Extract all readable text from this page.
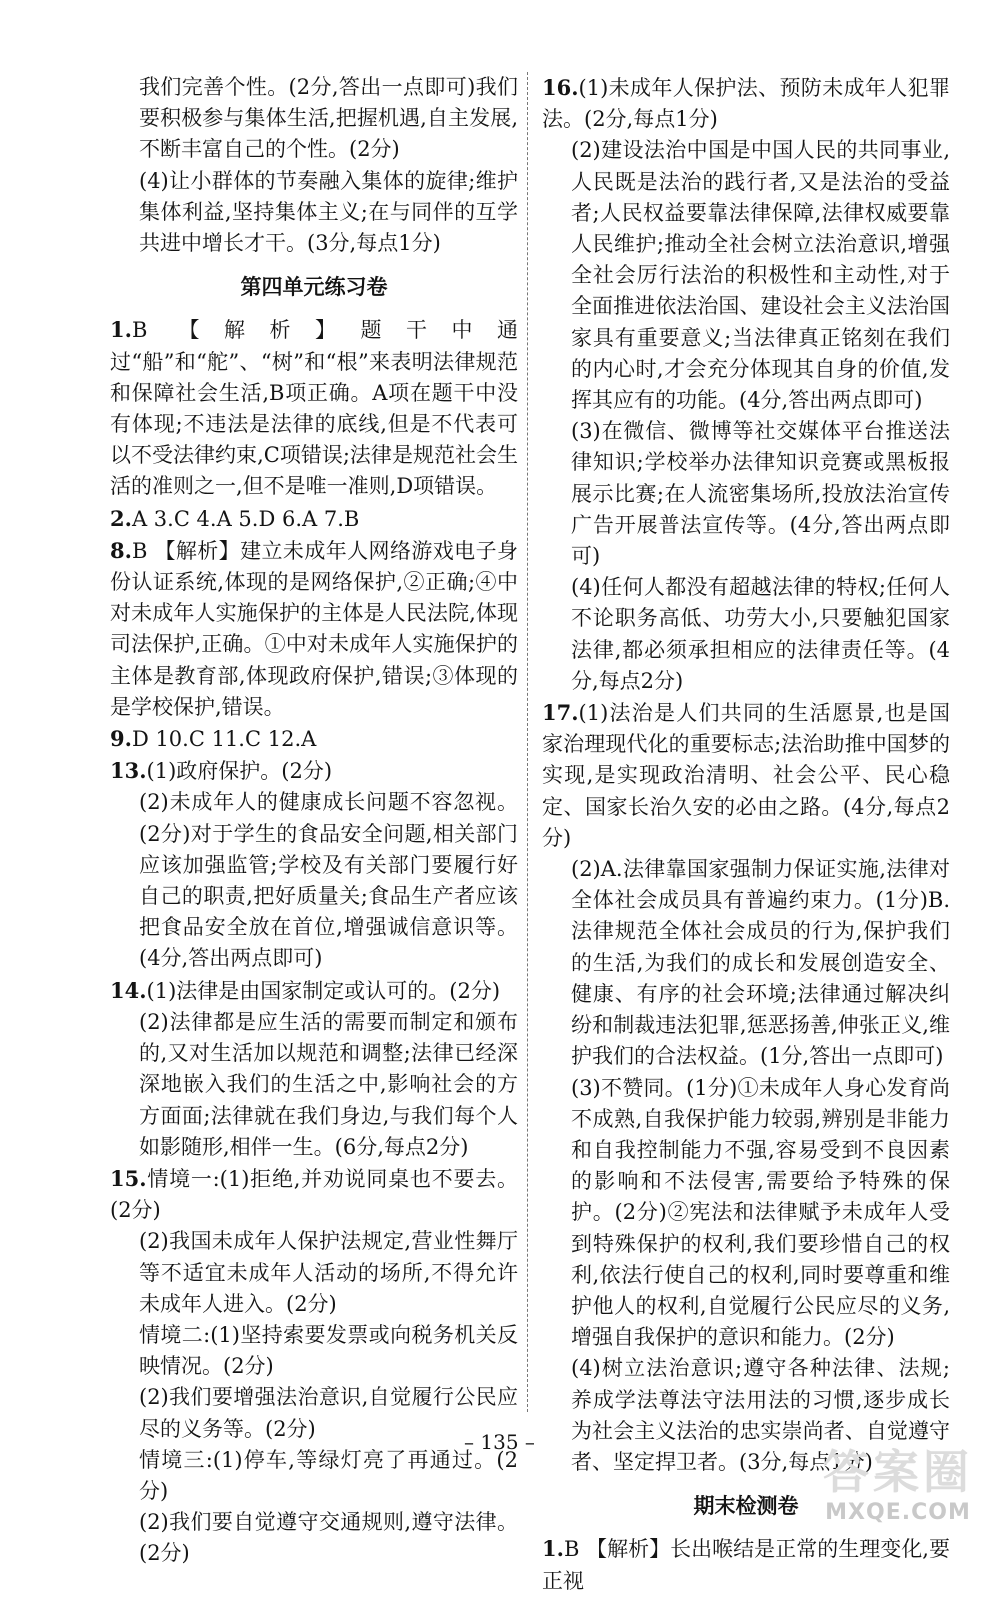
我们完善个性。(2分,答出一点即可)我们要积极参与集体生活,把握机遇,自主发展,不断丰富自己的个性。(2分)
(4)让小群体的节奏融入集体的旋律;维护集体利益,坚持集体主义;在与同伴的互学共进中增长才干。(3分,每点1分)
第四单元练习卷
1.B 【解析】题干中通过“船”和“舵”、“树”和“根”来表明法律规范和保障社会生活,B项正确。A项在题干中没有体现;不违法是法律的底线,但是不代表可以不受法律约束,C项错误;法律是规范社会生活的准则之一,但不是唯一准则,D项错误。
2.A 3.C 4.A 5.D 6.A 7.B
8.B 【解析】建立未成年人网络游戏电子身份认证系统,体现的是网络保护,②正确;④中对未成年人实施保护的主体是人民法院,体现司法保护,正确。①中对未成年人实施保护的主体是教育部,体现政府保护,错误;③体现的是学校保护,错误。
9.D 10.C 11.C 12.A
13.(1)政府保护。(2分)
(2)未成年人的健康成长问题不容忽视。(2分)对于学生的食品安全问题,相关部门应该加强监管;学校及有关部门要履行好自己的职责,把好质量关;食品生产者应该把食品安全放在首位,增强诚信意识等。(4分,答出两点即可)
14.(1)法律是由国家制定或认可的。(2分)
(2)法律都是应生活的需要而制定和颁布的,又对生活加以规范和调整;法律已经深深地嵌入我们的生活之中,影响社会的方方面面;法律就在我们身边,与我们每个人如影随形,相伴一生。(6分,每点2分)
15.情境一:(1)拒绝,并劝说同桌也不要去。(2分)
(2)我国未成年人保护法规定,营业性舞厅等不适宜未成年人活动的场所,不得允许未成年人进入。(2分)
情境二:(1)坚持索要发票或向税务机关反映情况。(2分)
(2)我们要增强法治意识,自觉履行公民应尽的义务等。(2分)
情境三:(1)停车,等绿灯亮了再通过。(2分)
(2)我们要自觉遵守交通规则,遵守法律。(2分)
16.(1)未成年人保护法、预防未成年人犯罪法。(2分,每点1分)
(2)建设法治中国是中国人民的共同事业,人民既是法治的践行者,又是法治的受益者;人民权益要靠法律保障,法律权威要靠人民维护;推动全社会树立法治意识,增强全社会厉行法治的积极性和主动性,对于全面推进依法治国、建设社会主义法治国家具有重要意义;当法律真正铭刻在我们的内心时,才会充分体现其自身的价值,发挥其应有的功能。(4分,答出两点即可)
(3)在微信、微博等社交媒体平台推送法律知识;学校举办法律知识竞赛或黑板报展示比赛;在人流密集场所,投放法治宣传广告开展普法宣传等。(4分,答出两点即可)
(4)任何人都没有超越法律的特权;任何人不论职务高低、功劳大小,只要触犯国家法律,都必须承担相应的法律责任等。(4分,每点2分)
17.(1)法治是人们共同的生活愿景,也是国家治理现代化的重要标志;法治助推中国梦的实现,是实现政治清明、社会公平、民心稳定、国家长治久安的必由之路。(4分,每点2分)
(2)A.法律靠国家强制力保证实施,法律对全体社会成员具有普遍约束力。(1分)B.法律规范全体社会成员的行为,保护我们的生活,为我们的成长和发展创造安全、健康、有序的社会环境;法律通过解决纠纷和制裁违法犯罪,惩恶扬善,伸张正义,维护我们的合法权益。(1分,答出一点即可)
(3)不赞同。(1分)①未成年人身心发育尚不成熟,自我保护能力较弱,辨别是非能力和自我控制能力不强,容易受到不良因素的影响和不法侵害,需要给予特殊的保护。(2分)②宪法和法律赋予未成年人受到特殊保护的权利,我们要珍惜自己的权利,依法行使自己的权利,同时要尊重和维护他人的权利,自觉履行公民应尽的义务,增强自我保护的意识和能力。(2分)
(4)树立法治意识;遵守各种法律、法规;养成学法尊法守法用法的习惯,逐步成长为社会主义法治的忠实崇尚者、自觉遵守者、坚定捍卫者。(3分,每点1分)
期末检测卷
1.B 【解析】长出喉结是正常的生理变化,要正视
– 135 –
答案圈
MXQE.COM
